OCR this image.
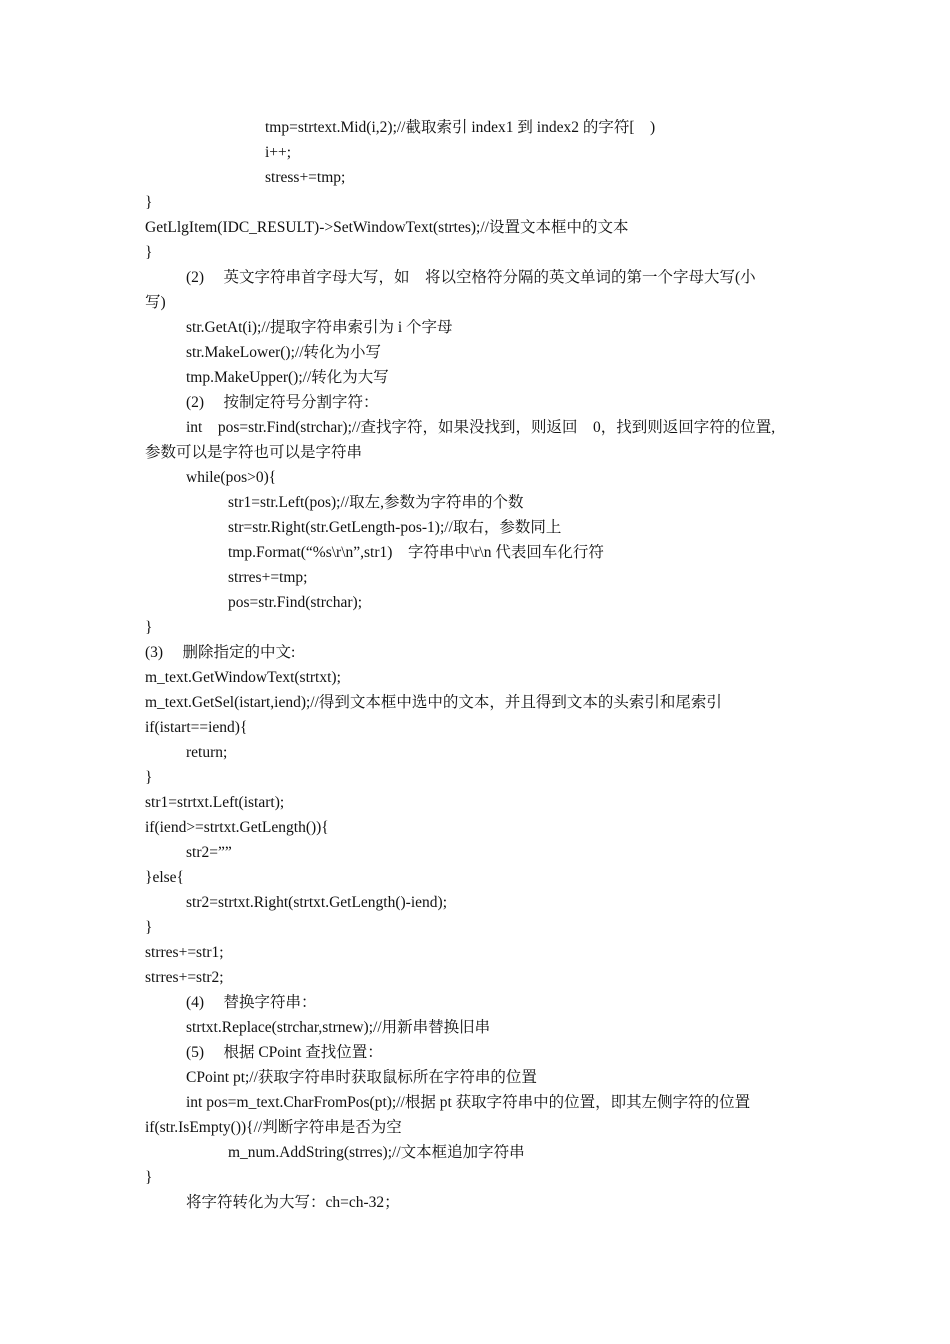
tmp=strtext.Mid(i,2);//截取索引 index1 到 index2 的字符[　)
i++;
stress+=tmp;
}
GetLlgItem(IDC_RESULT)->SetWindowText(strtes);//设置文本框中的文本
}
(2)　 英文字符串首字母大写，如　将以空格符分隔的英文单词的第一个字母大写(小
写)
str.GetAt(i);//提取字符串索引为 i 个字母
str.MakeLower();//转化为小写
tmp.MakeUpper();//转化为大写
(2)　 按制定符号分割字符：
int　pos=str.Find(strchar);//查找字符，如果没找到，则返回　0，找到则返回字符的位置,
参数可以是字符也可以是字符串
while(pos>0){
str1=str.Left(pos);//取左,参数为字符串的个数
str=str.Right(str.GetLength-pos-1);//取右，参数同上
tmp.Format(“%s\r\n”,str1)　字符串中\r\n 代表回车化行符
strres+=tmp;
pos=str.Find(strchar);
}
(3)　 删除指定的中文:
m_text.GetWindowText(strtxt);
m_text.GetSel(istart,iend);//得到文本框中选中的文本，并且得到文本的头索引和尾索引
if(istart==iend){
return;
}
str1=strtxt.Left(istart);
if(iend>=strtxt.GetLength()){
str2=””
}else{
str2=strtxt.Right(strtxt.GetLength()-iend);
}
strres+=str1;
strres+=str2;
(4)　 替换字符串：
strtxt.Replace(strchar,strnew);//用新串替换旧串
(5)　 根据 CPoint 查找位置：
CPoint pt;//获取字符串时获取鼠标所在字符串的位置
int pos=m_text.CharFromPos(pt);//根据 pt 获取字符串中的位置，即其左侧字符的位置
if(str.IsEmpty()){//判断字符串是否为空
m_num.AddString(strres);//文本框追加字符串
}
将字符转化为大写：ch=ch-32；
